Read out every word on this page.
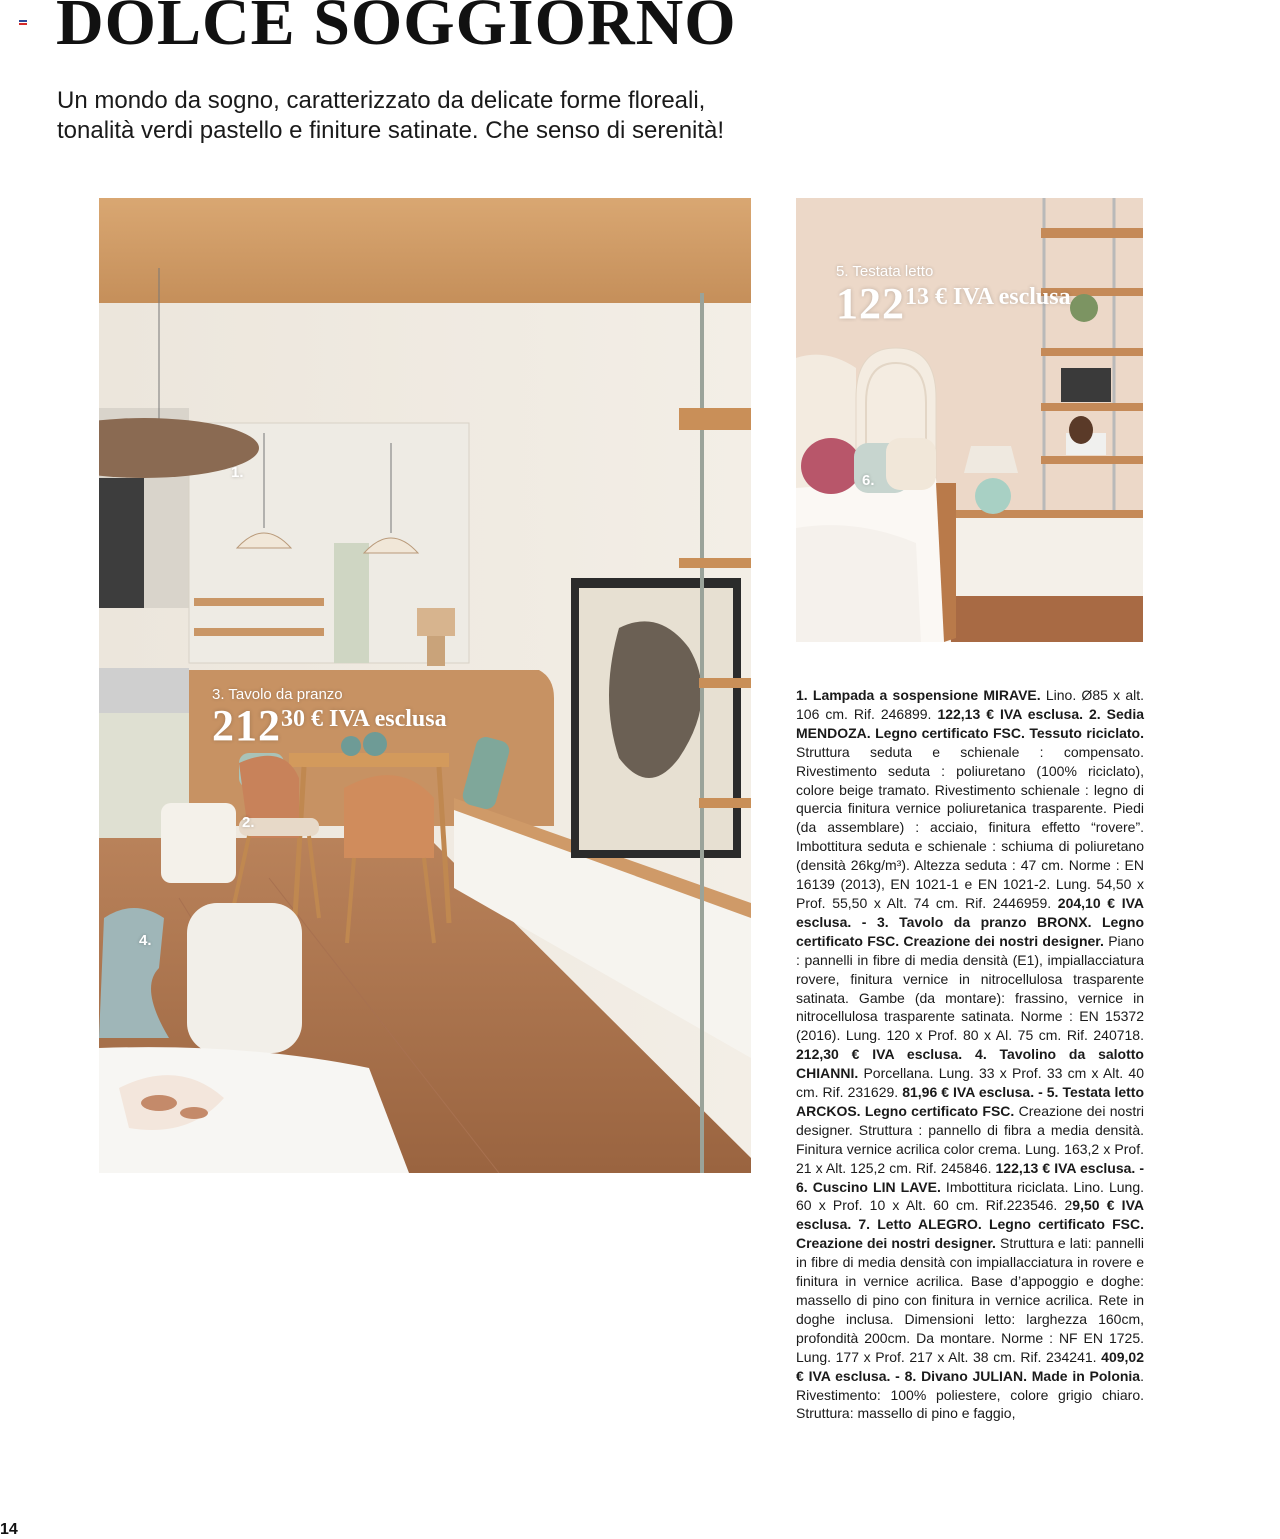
DOLCE SOGGIORNO
Un mondo da sogno, caratterizzato da delicate forme floreali,
tonalità verdi pastello e finiture satinate. Che senso di serenità!
1.
2.
4.
3. Tavolo da pranzo
21230 € IVA esclusa
6.
5. Testata letto
12213 € IVA esclusa
1. Lampada a sospensione MIRAVE. Lino. Ø85 x alt. 106 cm. Rif. 246899. 122,13 € IVA esclusa. 2. Sedia MENDOZA. Legno certificato FSC. Tessuto riciclato. Struttura seduta e schienale : compensato. Rivestimento seduta : poliuretano (100% riciclato), colore beige tramato. Rivestimento schienale : legno di quercia finitura vernice poliuretanica trasparente. Piedi (da assemblare) : acciaio, finitura effetto “rovere”. Imbottitura seduta e schienale : schiuma di poliuretano (densità 26kg/m³). Altezza seduta : 47 cm. Norme : EN 16139 (2013), EN 1021-1 e EN 1021-2. Lung. 54,50 x Prof. 55,50 x Alt. 74 cm. Rif. 2446959. 204,10 € IVA esclusa. - 3. Tavolo da pranzo BRONX. Legno certificato FSC. Creazione dei nostri designer. Piano : pannelli in fibre di media densità (E1), impiallacciatura rovere, finitura vernice in nitrocellulosa trasparente satinata. Gambe (da montare): frassino, vernice in nitrocellulosa trasparente satinata. Norme : EN 15372 (2016). Lung. 120 x Prof. 80 x Al. 75 cm. Rif. 240718. 212,30 € IVA esclusa. 4. Tavolino da salotto CHIANNI. Porcellana. Lung. 33 x Prof. 33 cm x Alt. 40 cm. Rif. 231629. 81,96 € IVA esclusa. - 5. Testata letto ARCKOS. Legno certificato FSC. Creazione dei nostri designer. Struttura : pannello di fibra a media densità. Finitura vernice acrilica color crema. Lung. 163,2 x Prof. 21 x Alt. 125,2 cm. Rif. 245846. 122,13 € IVA esclusa. - 6. Cuscino LIN LAVE. Imbottitura riciclata. Lino. Lung. 60 x Prof. 10 x Alt. 60 cm. Rif.223546. 29,50 € IVA esclusa. 7. Letto ALEGRO. Legno certificato FSC. Creazione dei nostri designer. Struttura e lati: pannelli in fibre di media densità con impiallacciatura in rovere e finitura in vernice acrilica. Base d’appoggio e doghe: massello di pino con finitura in vernice acrilica. Rete in doghe inclusa. Dimensioni letto: larghezza 160cm, profondità 200cm. Da montare. Norme : NF EN 1725. Lung. 177 x Prof. 217 x Alt. 38 cm. Rif. 234241. 409,02 € IVA esclusa. - 8. Divano JULIAN. Made in Polonia. Rivestimento: 100% poliestere, colore grigio chiaro. Struttura: massello di pino e faggio,
14
